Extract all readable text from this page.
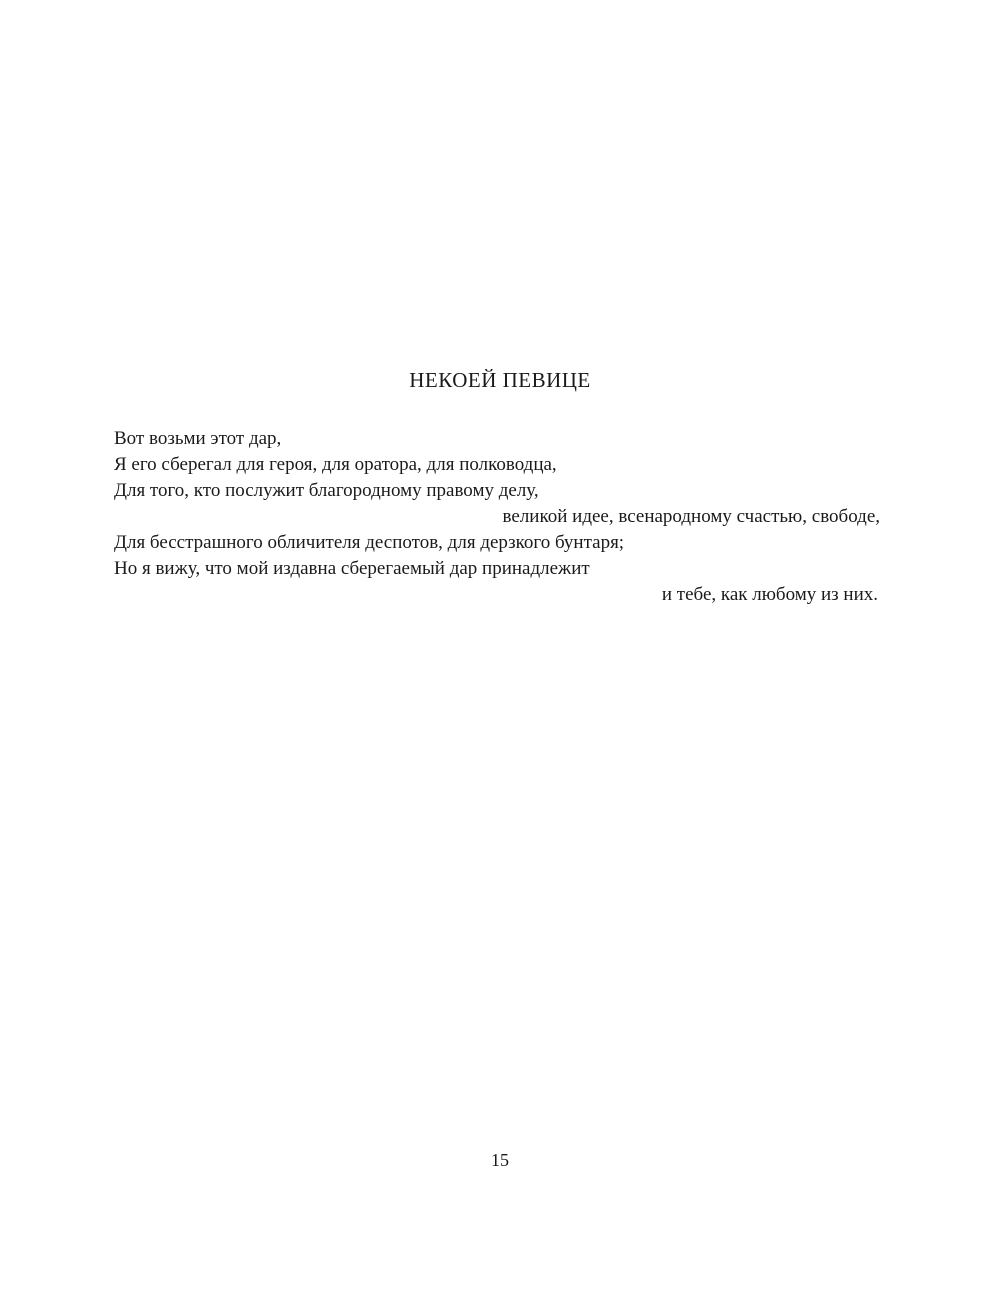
НЕКОЕЙ ПЕВИЦЕ
Вот возьми этот дар,
Я его сберегал для героя, для оратора, для полководца,
Для того, кто послужит благородному правому делу,
великой идее, всенародному счастью, свободе,
Для бесстрашного обличителя деспотов, для дерзкого бунтаря;
Но я вижу, что мой издавна сберегаемый дар принадлежит
и тебе, как любому из них.
15
